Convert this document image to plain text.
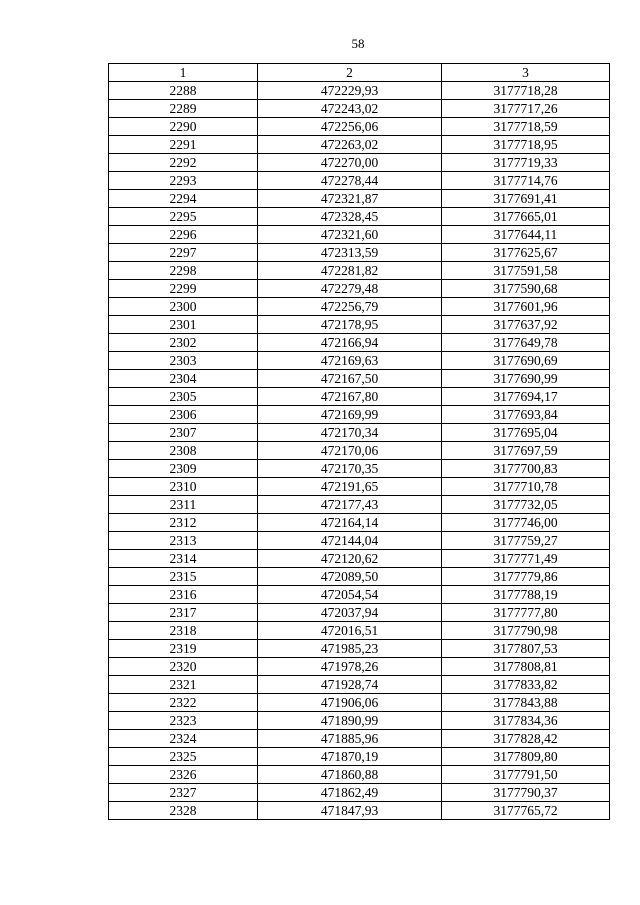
58
1	2	3
2288	472229,93	3177718,28
2289	472243,02	3177717,26
2290	472256,06	3177718,59
2291	472263,02	3177718,95
2292	472270,00	3177719,33
2293	472278,44	3177714,76
2294	472321,87	3177691,41
2295	472328,45	3177665,01
2296	472321,60	3177644,11
2297	472313,59	3177625,67
2298	472281,82	3177591,58
2299	472279,48	3177590,68
2300	472256,79	3177601,96
2301	472178,95	3177637,92
2302	472166,94	3177649,78
2303	472169,63	3177690,69
2304	472167,50	3177690,99
2305	472167,80	3177694,17
2306	472169,99	3177693,84
2307	472170,34	3177695,04
2308	472170,06	3177697,59
2309	472170,35	3177700,83
2310	472191,65	3177710,78
2311	472177,43	3177732,05
2312	472164,14	3177746,00
2313	472144,04	3177759,27
2314	472120,62	3177771,49
2315	472089,50	3177779,86
2316	472054,54	3177788,19
2317	472037,94	3177777,80
2318	472016,51	3177790,98
2319	471985,23	3177807,53
2320	471978,26	3177808,81
2321	471928,74	3177833,82
2322	471906,06	3177843,88
2323	471890,99	3177834,36
2324	471885,96	3177828,42
2325	471870,19	3177809,80
2326	471860,88	3177791,50
2327	471862,49	3177790,37
2328	471847,93	3177765,72
